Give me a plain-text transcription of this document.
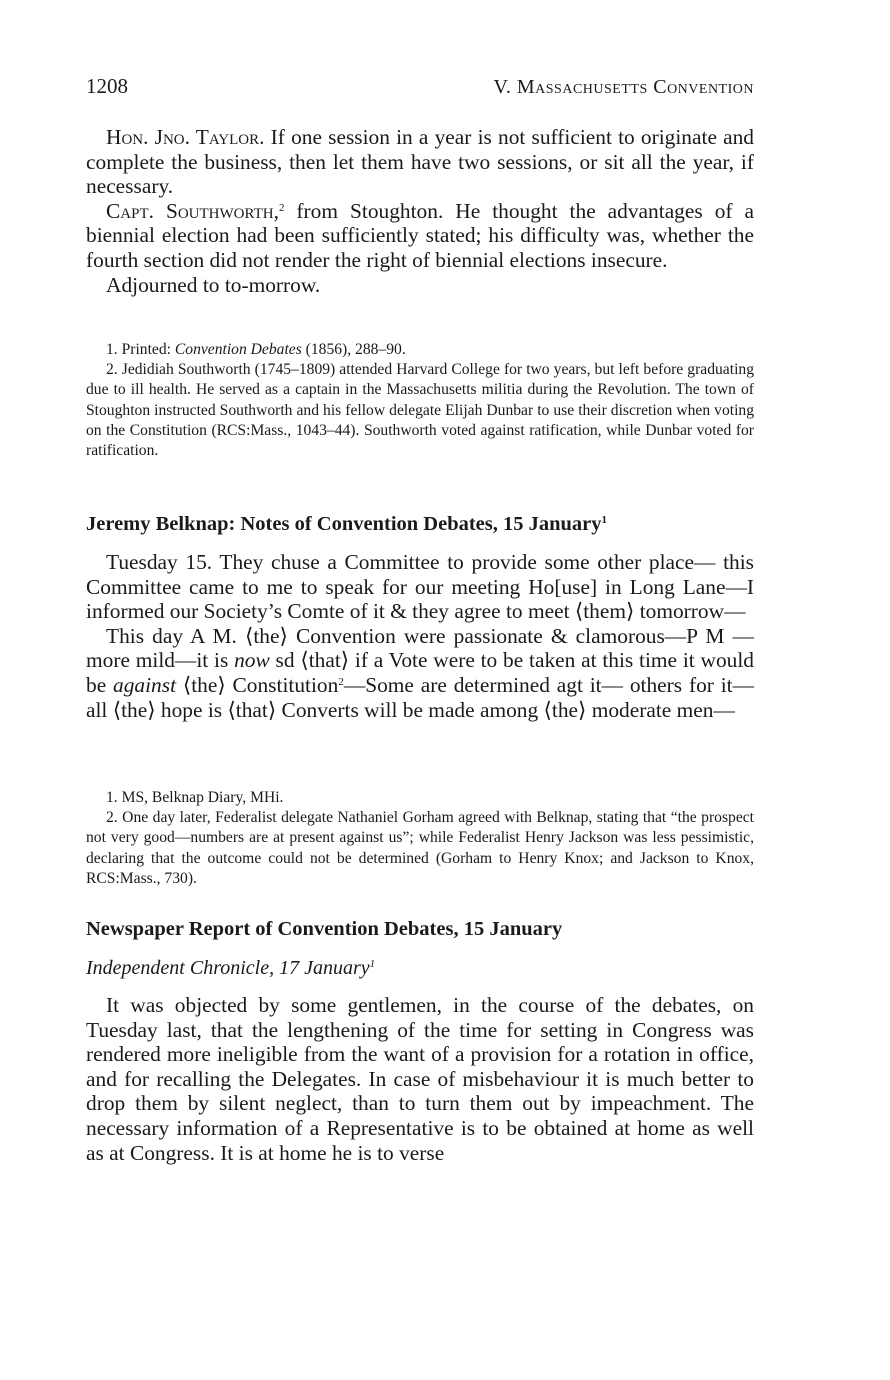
1208	V. Massachusetts Convention

Hon. Jno. Taylor. If one session in a year is not sufficient to originate and complete the business, then let them have two sessions, or sit all the year, if necessary.

Capt. Southworth,$^2$ from Stoughton. He thought the advantages of a biennial election had been sufficiently stated; his difficulty was, whether the fourth section did not render the right of biennial elections insecure.

Adjourned to to-morrow.

1. Printed: Convention Debates (1856), 288–90.

2. Jedidiah Southworth (1745–1809) attended Harvard College for two years, but left before graduating due to ill health. He served as a captain in the Massachusetts militia during the Revolution. The town of Stoughton instructed Southworth and his fellow delegate Elijah Dunbar to use their discretion when voting on the Constitution (RCS:Mass., 1043–44). Southworth voted against ratification, while Dunbar voted for ratification.

Jeremy Belknap: Notes of Convention Debates, 15 January$^1$

Tuesday 15. They chuse a Committee to provide some other place— this Committee came to me to speak for our meeting Ho[use] in Long Lane—I informed our Society’s Comte of it & they agree to meet ⟨them⟩ tomorrow—

This day A M. ⟨the⟩ Convention were passionate & clamorous—P M —more mild—it is now sd ⟨that⟩ if a Vote were to be taken at this time it would be against ⟨the⟩ Constitution$^2$—Some are determined agt it— others for it—all ⟨the⟩ hope is ⟨that⟩ Converts will be made among ⟨the⟩ moderate men—

1. MS, Belknap Diary, MHi.

2. One day later, Federalist delegate Nathaniel Gorham agreed with Belknap, stating that “the prospect not very good—numbers are at present against us”; while Federalist Henry Jackson was less pessimistic, declaring that the outcome could not be determined (Gorham to Henry Knox; and Jackson to Knox, RCS:Mass., 730).

Newspaper Report of Convention Debates, 15 January

Independent Chronicle, 17 January$^1$

It was objected by some gentlemen, in the course of the debates, on Tuesday last, that the lengthening of the time for setting in Congress was rendered more ineligible from the want of a provision for a rotation in office, and for recalling the Delegates. In case of misbehaviour it is much better to drop them by silent neglect, than to turn them out by impeachment. The necessary information of a Representative is to be obtained at home as well as at Congress. It is at home he is to verse
